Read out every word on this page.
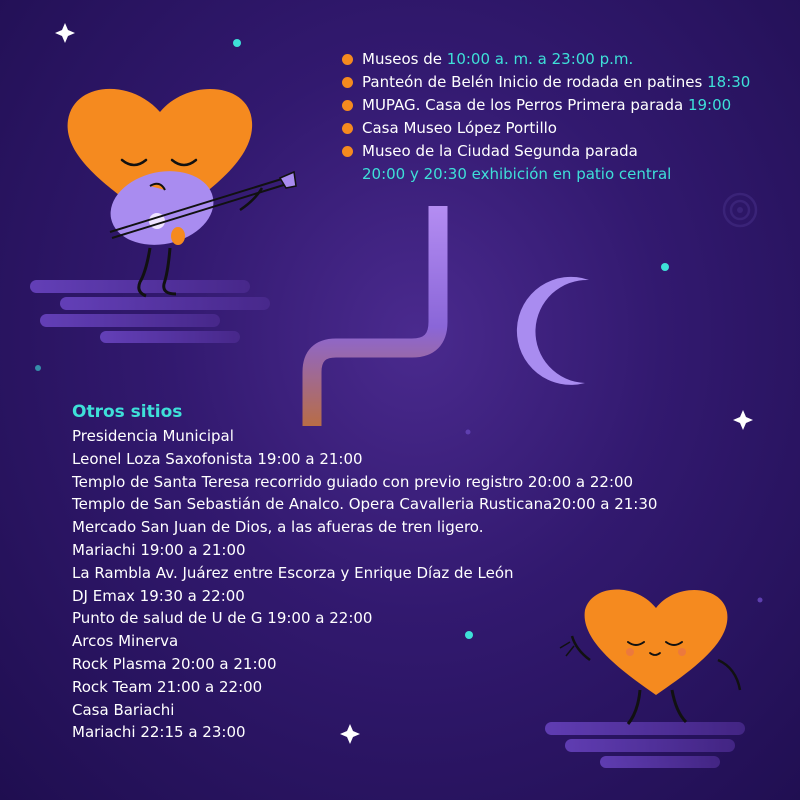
Museos de 10:00 a. m. a 23:00 p.m.
Panteón de Belén Inicio de rodada en patines 18:30
MUPAG. Casa de los Perros Primera parada 19:00
Casa Museo López Portillo
Museo de la Ciudad Segunda parada
20:00 y 20:30 exhibición en patio central
Otros sitios
Presidencia Municipal
Leonel Loza Saxofonista 19:00 a 21:00
Templo de Santa Teresa recorrido guiado con previo registro 20:00 a 22:00
Templo de San Sebastián de Analco. Opera Cavalleria Rusticana20:00 a 21:30
Mercado San Juan de Dios, a las afueras de tren ligero.
Mariachi 19:00 a 21:00
La Rambla Av. Juárez entre Escorza y Enrique Díaz de León
DJ Emax 19:30 a 22:00
Punto de salud de U de G 19:00 a 22:00
Arcos Minerva
Rock Plasma 20:00 a 21:00
Rock Team 21:00 a 22:00
Casa Bariachi
Mariachi 22:15 a 23:00
